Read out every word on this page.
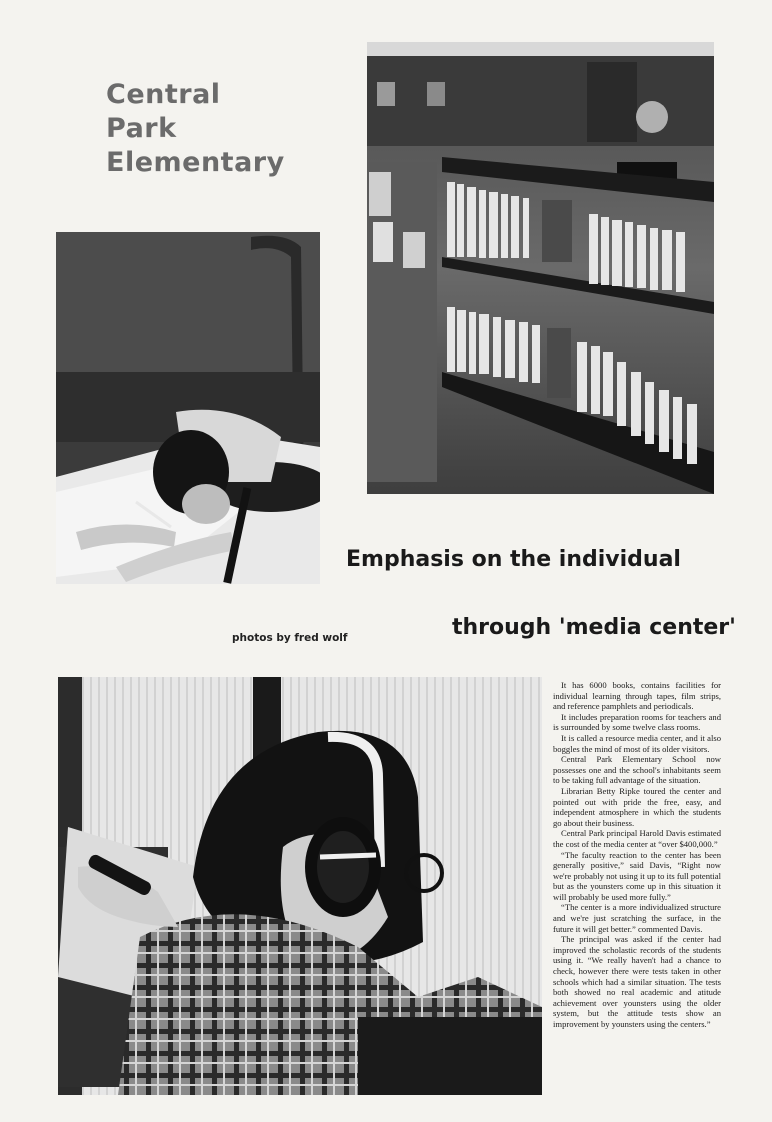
Central
Park
Elementary
Emphasis on the individual
through 'media center'
photos by fred wolf

It has 6000 books, contains facilities for individual learning through tapes, film strips, and reference pamphlets and periodicals.

It includes preparation rooms for teachers and is surrounded by some twelve class rooms.

It is called a resource media center, and it also boggles the mind of most of its older visitors.

Central Park Elementary School now possesses one and the school's inhabitants seem to be taking full advantage of the situation.

Librarian Betty Ripke toured the center and pointed out with pride the free, easy, and independent atmosphere in which the students go about their business.

Central Park principal Harold Davis estimated the cost of the media center at “over $400,000.”

“The faculty reaction to the center has been generally positive,” said Davis, “Right now we're probably not using it up to its full potential but as the younsters come up in this situation it will probably be used more fully.”

“The center is a more individualized structure and we're just scratching the surface, in the future it will get better.” commented Davis.

The principal was asked if the center had improved the scholastic records of the students using it. “We really haven't had a chance to check, however there were tests taken in other schools which had a similar situation. The tests both showed no real academic and atitude achievement over younsters using the older system, but the attitude tests show an improvement by younsters using the centers.”
